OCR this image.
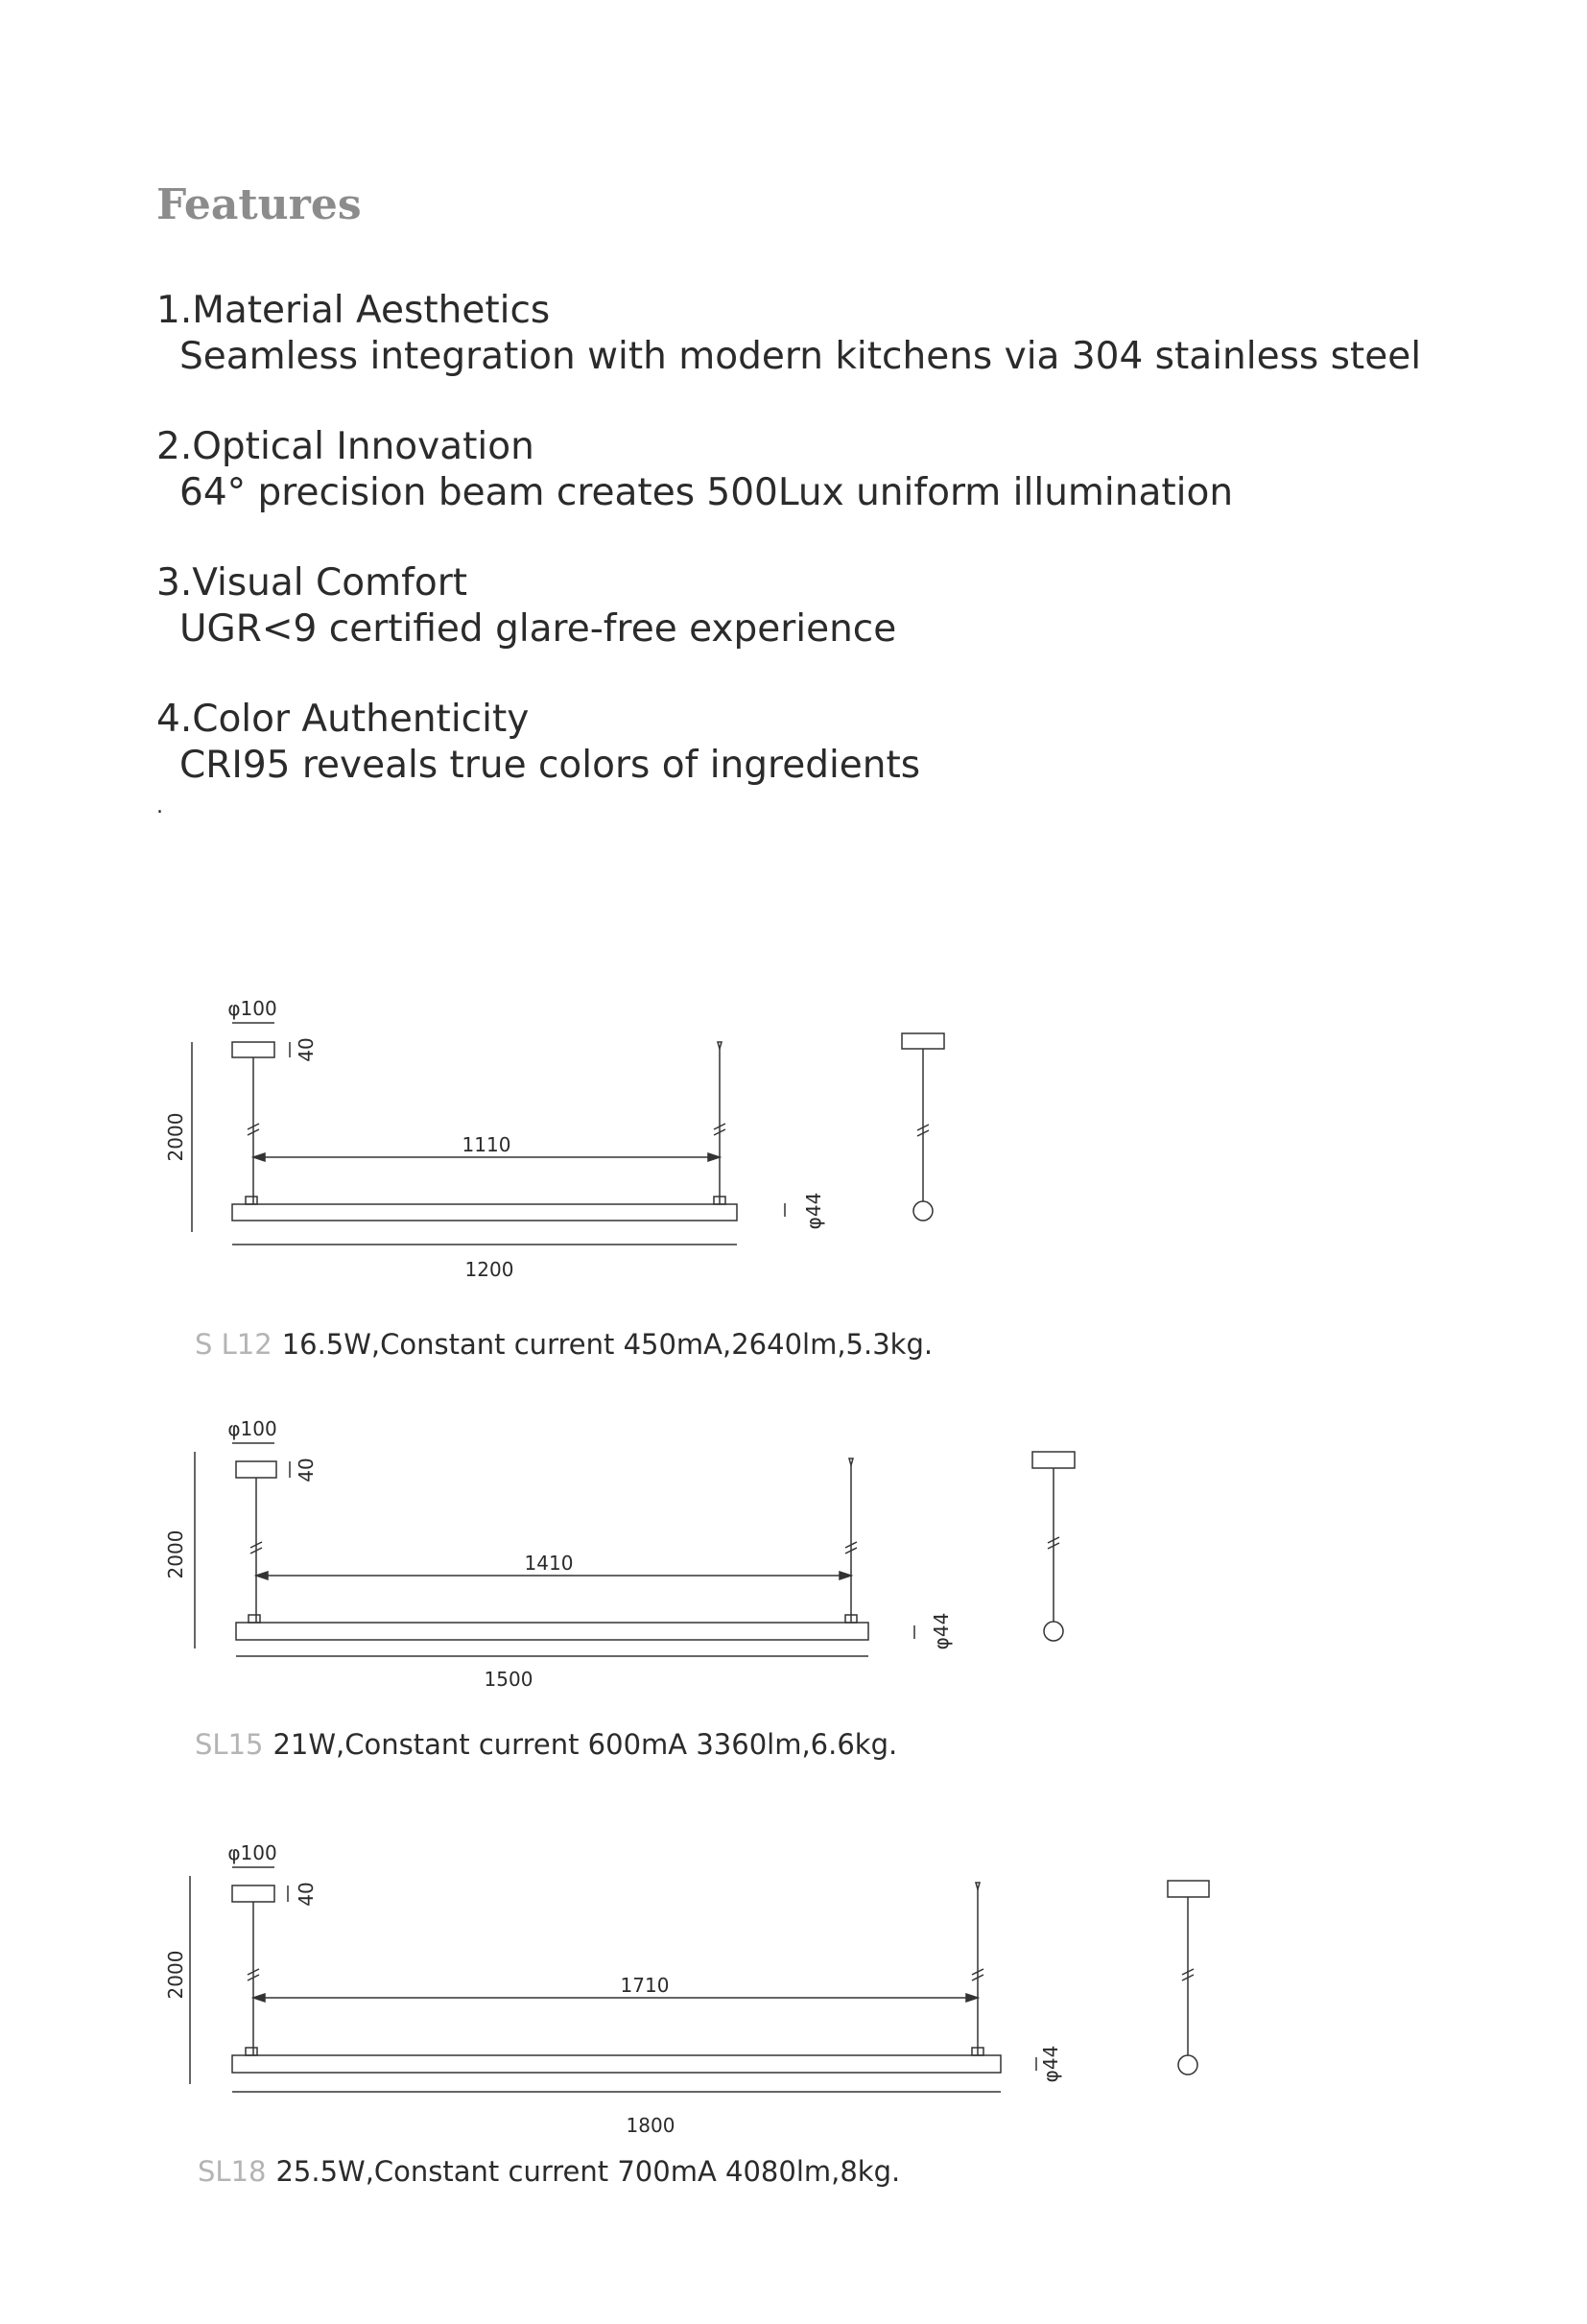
Features
1.Material Aesthetics
Seamless integration with modern kitchens via 304 stainless steel
2.Optical Innovation
64° precision beam creates 500Lux uniform illumination
3.Visual Comfort
UGR<9 certified glare-free experience
4.Color Authenticity
CRI95 reveals true colors of ingredients
.
φ100
40
2000	1110
1200
φ44
S L12 16.5W,Constant current 450mA,2640lm,5.3kg.
φ100
40
2000	1410
1500
φ44
SL15 21W,Constant current 600mA 3360lm,6.6kg.
φ100
40
2000	1710
1800
φ44
SL18 25.5W,Constant current 700mA 4080lm,8kg.
